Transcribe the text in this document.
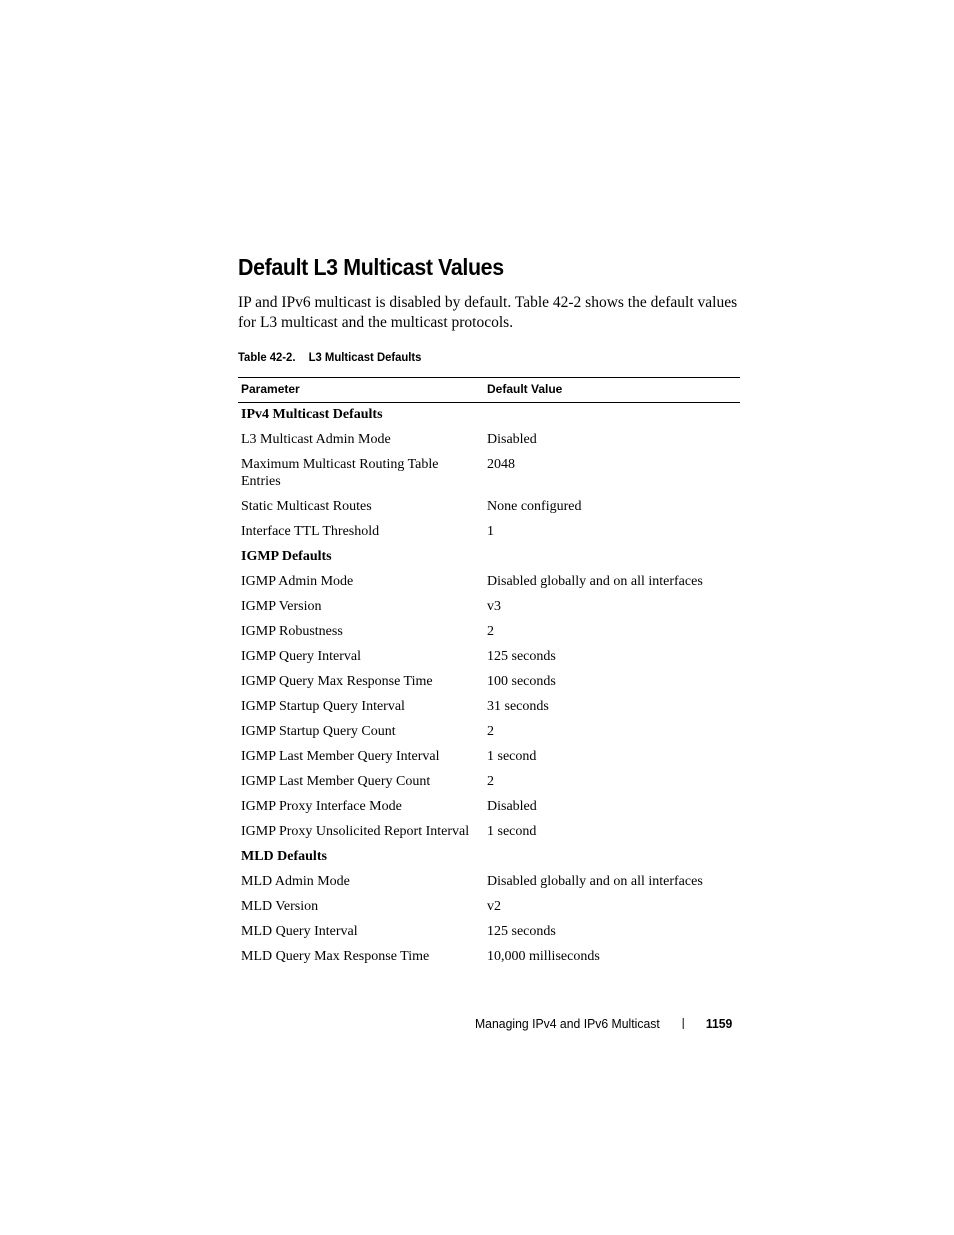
Default L3 Multicast Values

IP and IPv6 multicast is disabled by default. Table 42-2 shows the default values for L3 multicast and the multicast protocols.

Table 42-2. L3 Multicast Defaults
Parameter	Default Value
IPv4 Multicast Defaults	
L3 Multicast Admin Mode	Disabled
Maximum Multicast Routing Table Entries	2048
Static Multicast Routes	None configured
Interface TTL Threshold	1
IGMP Defaults	
IGMP Admin Mode	Disabled globally and on all interfaces
IGMP Version	v3
IGMP Robustness	2
IGMP Query Interval	125 seconds
IGMP Query Max Response Time	100 seconds
IGMP Startup Query Interval	31 seconds
IGMP Startup Query Count	2
IGMP Last Member Query Interval	1 second
IGMP Last Member Query Count	2
IGMP Proxy Interface Mode	Disabled
IGMP Proxy Unsolicited Report Interval	1 second
MLD Defaults	
MLD Admin Mode	Disabled globally and on all interfaces
MLD Version	v2
MLD Query Interval	125 seconds
MLD Query Max Response Time	10,000 milliseconds
Managing IPv4 and IPv6 Multicast	1159
